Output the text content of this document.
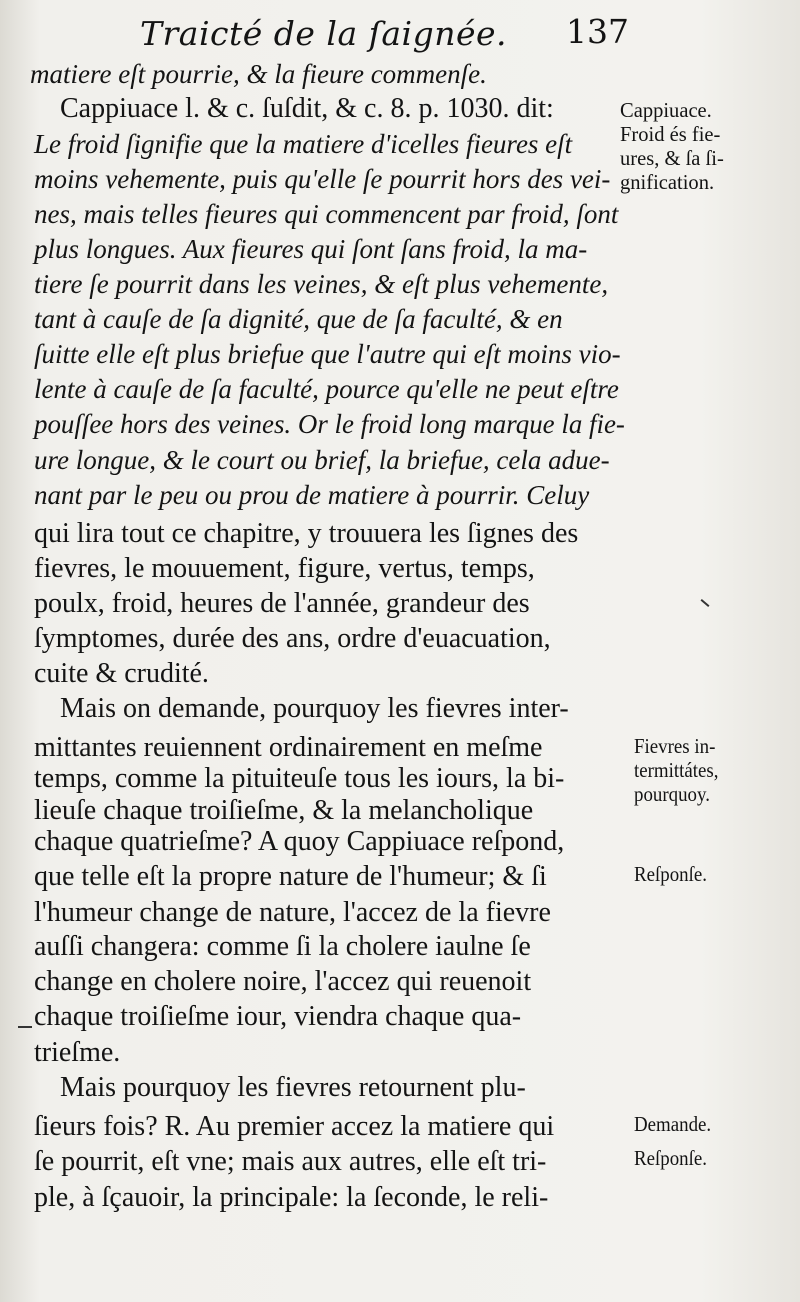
Traicté de la ſaignée. 137
matiere eſt pourrie, & la fieure commenſe.
Cappiuace l. & c. ſuſdit, & c. 8. p. 1030. dit:
Le froid ſignifie que la matiere d'icelles fieures eſt
moins vehemente, puis qu'elle ſe pourrit hors des vei-
nes, mais telles fieures qui commencent par froid, ſont
plus longues. Aux fieures qui ſont ſans froid, la ma-
tiere ſe pourrit dans les veines, & eſt plus vehemente,
tant à cauſe de ſa dignité, que de ſa faculté, & en
ſuitte elle eſt plus briefue que l'autre qui eſt moins vio-
lente à cauſe de ſa faculté, pource qu'elle ne peut eſtre
pouſſee hors des veines. Or le froid long marque la fie-
ure longue, & le court ou brief, la briefue, cela adue-
nant par le peu ou prou de matiere à pourrir. Celuy
qui lira tout ce chapitre, y trouuera les ſignes des
fievres, le mouuement, figure, vertus, temps,
poulx, froid, heures de l'année, grandeur des
ſymptomes, durée des ans, ordre d'euacuation,
cuite & crudité.
Mais on demande, pourquoy les fievres inter-
mittantes reuiennent ordinairement en meſme
temps, comme la pituiteuſe tous les iours, la bi-
lieuſe chaque troiſieſme, & la melancholique
chaque quatrieſme? A quoy Cappiuace reſpond,
que telle eſt la propre nature de l'humeur; & ſi
l'humeur change de nature, l'accez de la fievre
auſſi changera: comme ſi la cholere iaulne ſe
change en cholere noire, l'accez qui reuenoit
chaque troiſieſme iour, viendra chaque qua-
trieſme.
Mais pourquoy les fievres retournent plu-
ſieurs fois? R. Au premier accez la matiere qui
ſe pourrit, eſt vne; mais aux autres, elle eſt tri-
ple, à ſçauoir, la principale: la ſeconde, le reli-
Cappiuace.
Froid és fie-
ures, & ſa ſi-
gnification.
Fievres in-
termittátes,
pourquoy.
Reſponſe.
Demande.
Reſponſe.
